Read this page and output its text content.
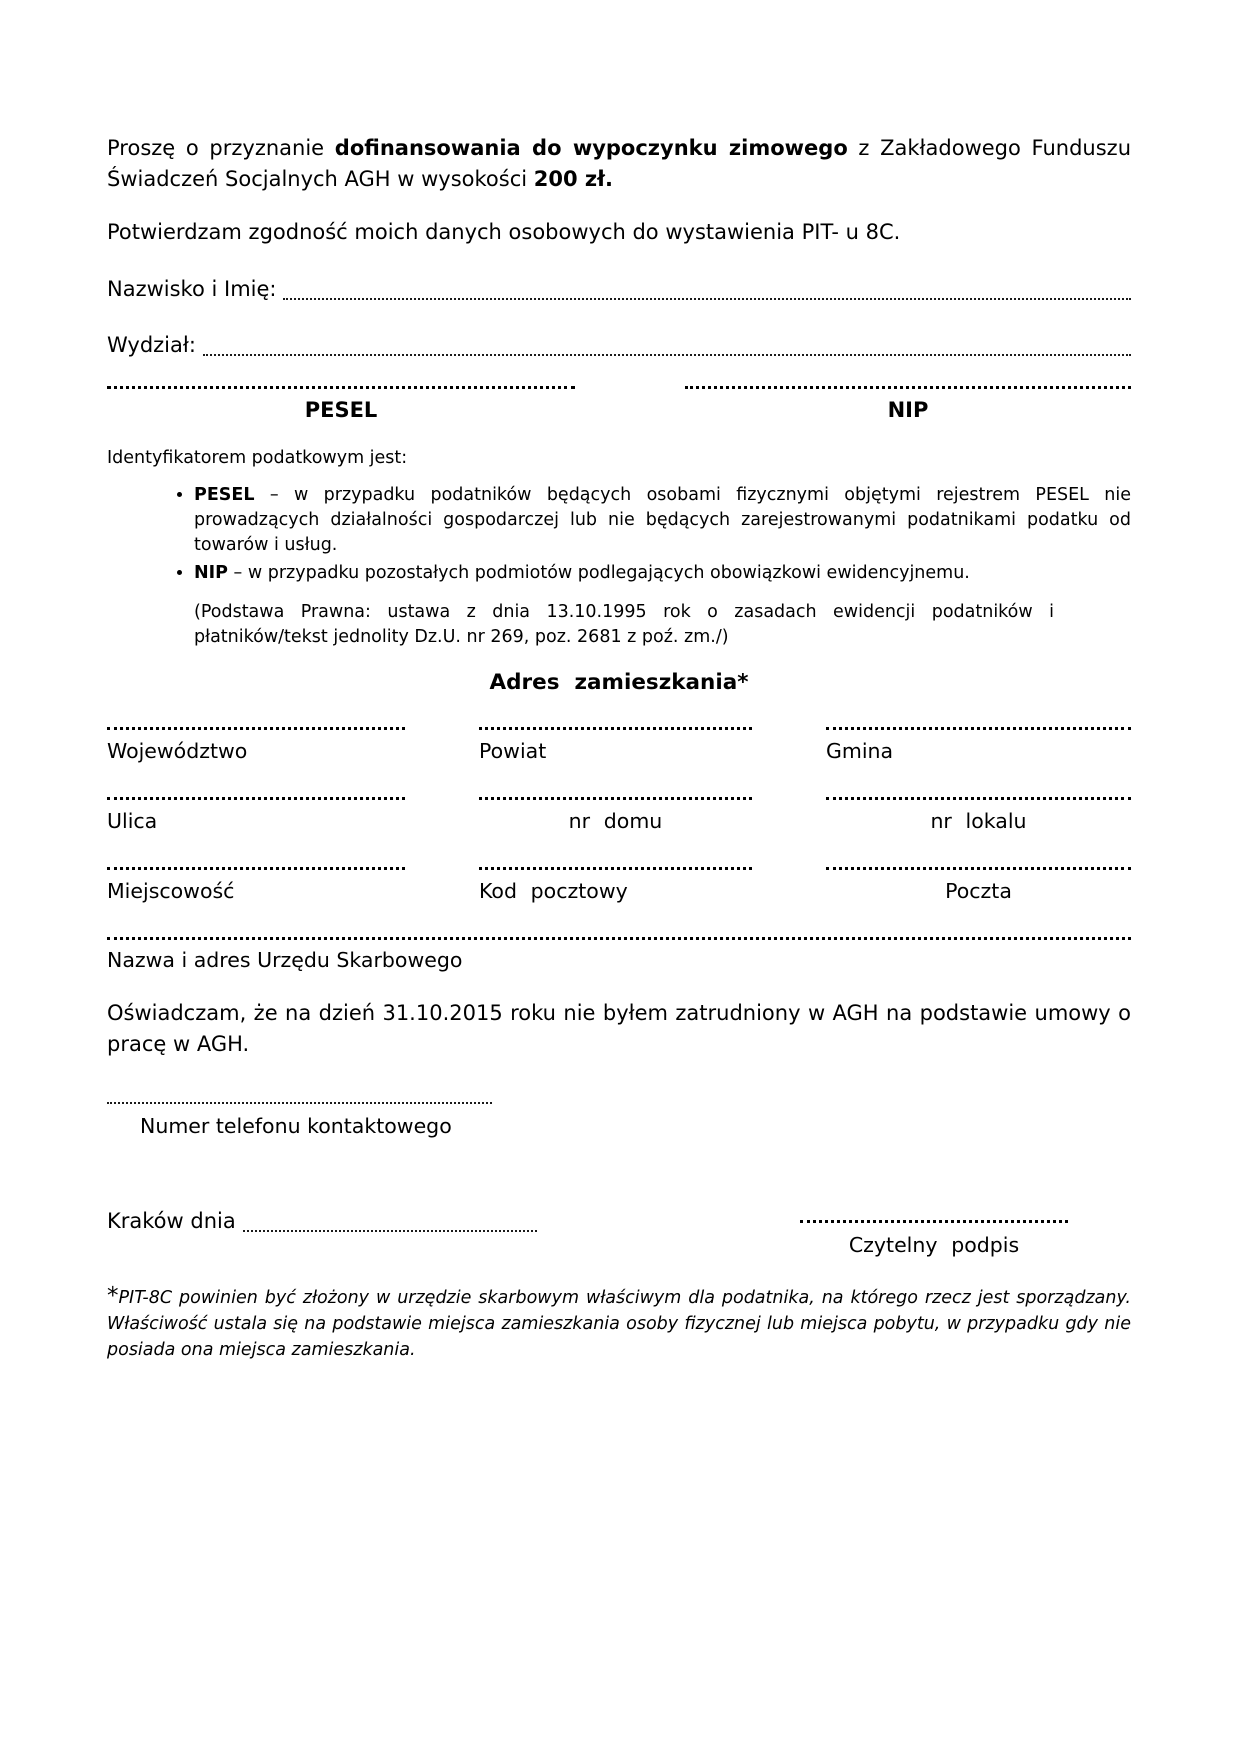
Proszę o przyznanie dofinansowania do wypoczynku zimowego z Zakładowego Funduszu Świadczeń Socjalnych AGH w wysokości 200 zł.

Potwierdzam zgodność moich danych osobowych do wystawienia PIT- u 8C.

Nazwisko i Imię:
Wydział:
PESEL	NIP

Identyfikatorem podatkowym jest:

• PESEL – w przypadku podatników będących osobami fizycznymi objętymi rejestrem PESEL nie prowadzących działalności gospodarczej lub nie będących zarejestrowanymi podatnikami podatku od towarów i usług.
• NIP – w przypadku pozostałych podmiotów podlegających obowiązkowi ewidencyjnemu.

(Podstawa Prawna: ustawa z dnia 13.10.1995 rok o zasadach ewidencji podatników i płatników/tekst jednolity Dz.U. nr 269, poz. 2681 z poź. zm./)

Adres zamieszkania*
Województwo	Powiat	Gmina
Ulica	nr domu	nr lokalu
Miejscowość	Kod pocztowy	Poczta
Nazwa i adres Urzędu Skarbowego

Oświadczam, że na dzień 31.10.2015 roku nie byłem zatrudniony w AGH na podstawie umowy o pracę w AGH.

Numer telefonu kontaktowego
Kraków dnia
Czytelny podpis

*PIT-8C powinien być złożony w urzędzie skarbowym właściwym dla podatnika, na którego rzecz jest sporządzany. Właściwość ustala się na podstawie miejsca zamieszkania osoby fizycznej lub miejsca pobytu, w przypadku gdy nie posiada ona miejsca zamieszkania.
